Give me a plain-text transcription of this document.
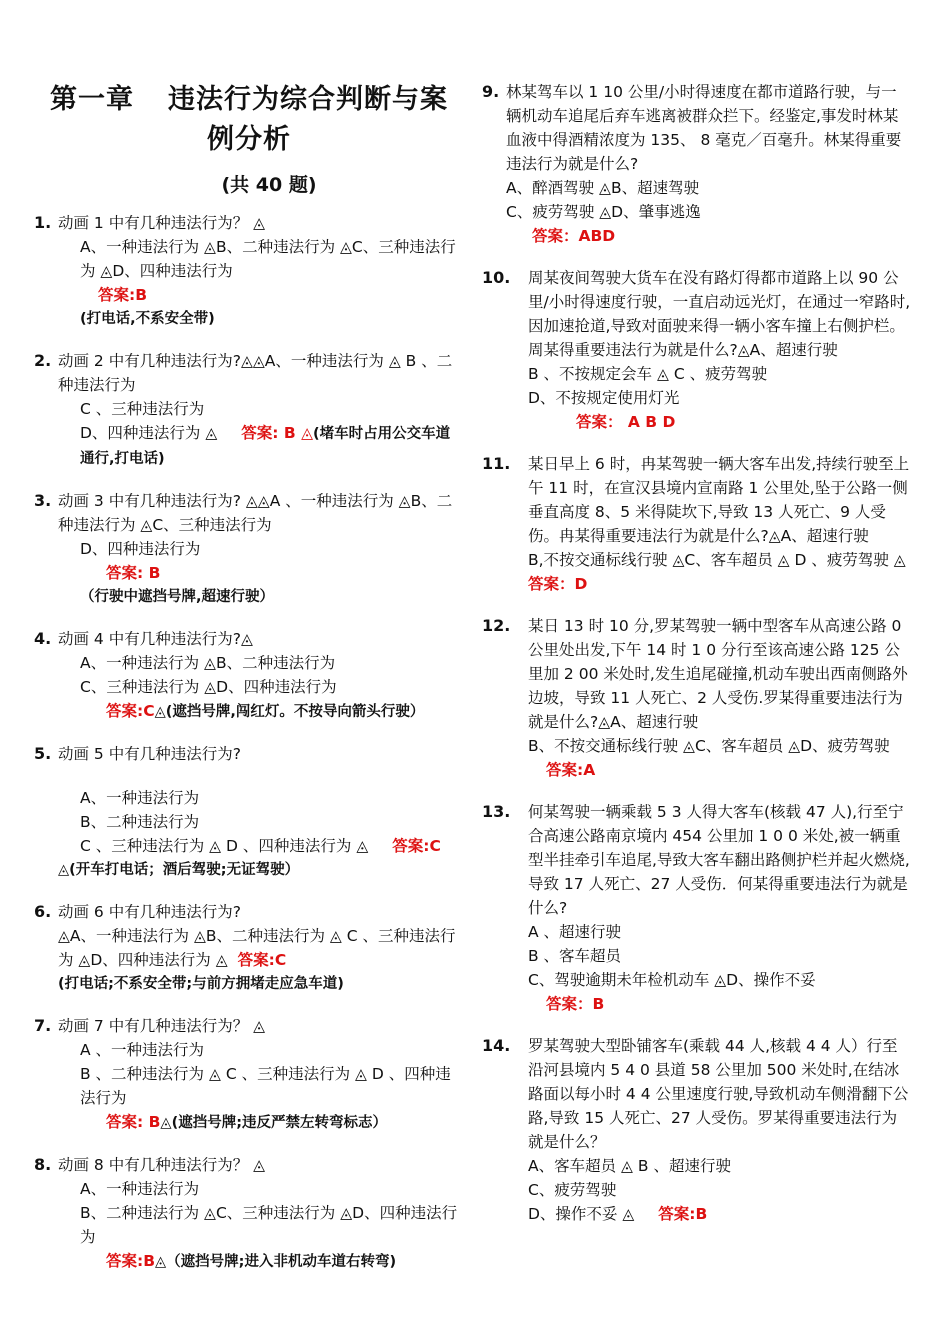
第一章 违法行为综合判断与案
例分析
(共 40 题)
1. 动画 1 中有几种违法行为？ ◬
A、一种违法行为 ◬B、二种违法行为 ◬C、三种违法行为 ◬D、四种违法行为
答案:B
(打电话,不系安全带)
2. 动画 2 中有几种违法行为?◬◬A、一种违法行为 ◬ B 、二种违法行为
C 、三种违法行为
D、四种违法行为 ◬ 答案: B ◬(堵车时占用公交车道通行,打电话)
3. 动画 3 中有几种违法行为? ◬◬A 、一种违法行为 ◬B、二种违法行为 ◬C、三种违法行为
D、四种违法行为
答案: B
（行驶中遮挡号牌,超速行驶）
4. 动画 4 中有几种违法行为?◬
A、一种违法行为 ◬B、二种违法行为
C、三种违法行为 ◬D、四种违法行为
答案:C◬(遮挡号牌,闯红灯。不按导向箭头行驶）
5. 动画 5 中有几种违法行为?
A、一种违法行为
B、二种违法行为
C 、三种违法行为 ◬ D 、四种违法行为 ◬ 答案:C
◬(开车打电话；酒后驾驶;无证驾驶）
6. 动画 6 中有几种违法行为?
◬A、一种违法行为 ◬B、二种违法行为 ◬ C 、三种违法行为 ◬D、四种违法行为 ◬ 答案:C
(打电话;不系安全带;与前方拥堵走应急车道)
7. 动画 7 中有几种违法行为？ ◬
A 、一种违法行为
B 、二种违法行为 ◬ C 、三种违法行为 ◬ D 、四种违法行为
答案: B◬(遮挡号牌;违反严禁左转弯标志）
8. 动画 8 中有几种违法行为？ ◬
A、一种违法行为
B、二种违法行为 ◬C、三种违法行为 ◬D、四种违法行为
答案:B◬（遮挡号牌;进入非机动车道右转弯)
9. 林某驾车以 1 10 公里/小时得速度在都市道路行驶，与一辆机动车追尾后弃车逃离被群众拦下。经鉴定,事发时林某血液中得酒精浓度为 135、 8 毫克／百毫升。林某得重要违法行为就是什么?
A、醉酒驾驶 ◬B、超速驾驶
C、疲劳驾驶 ◬D、肇事逃逸
答案：ABD
10. 周某夜间驾驶大货车在没有路灯得都市道路上以 90 公里/小时得速度行驶，一直启动远光灯，在通过一窄路时,因加速抢道,导致对面驶来得一辆小客车撞上右侧护栏。周某得重要违法行为就是什么?◬A、超速行驶
B 、不按规定会车 ◬ C 、疲劳驾驶
D、不按规定使用灯光
答案： A B D
11. 某日早上 6 时，冉某驾驶一辆大客车出发,持续行驶至上午 11 时，在宣汉县境内宣南路 1 公里处,坠于公路一侧垂直高度 8、5 米得陡坎下,导致 13 人死亡、9 人受伤。冉某得重要违法行为就是什么?◬A、超速行驶
B,不按交通标线行驶 ◬C、客车超员 ◬ D 、疲劳驾驶 ◬
答案：D
12. 某日 13 时 10 分,罗某驾驶一辆中型客车从高速公路 0 公里处出发,下午 14 时 1 0 分行至该高速公路 125 公里加 2 00 米处时,发生追尾碰撞,机动车驶出西南侧路外边坡，导致 11 人死亡、2 人受伤.罗某得重要违法行为就是什么?◬A、超速行驶
B、不按交通标线行驶 ◬C、客车超员 ◬D、疲劳驾驶
答案:A
13. 何某驾驶一辆乘载 5 3 人得大客车(核载 47 人),行至宁合高速公路南京境内 454 公里加 1 0 0 米处,被一辆重型半挂牵引车追尾,导致大客车翻出路侧护栏并起火燃烧,导致 17 人死亡、27 人受伤．何某得重要违法行为就是什么?
A 、超速行驶
B 、客车超员
C、驾驶逾期未年检机动车 ◬D、操作不妥
答案：B
14. 罗某驾驶大型卧铺客车(乘载 44 人,核载 4 4 人）行至沿河县境内 5 4 0 县道 58 公里加 500 米处时,在结冰路面以每小时 4 4 公里速度行驶,导致机动车侧滑翻下公路,导致 15 人死亡、27 人受伤。罗某得重要违法行为就是什么？
A、客车超员 ◬ B 、超速行驶
C、疲劳驾驶
D、操作不妥 ◬ 答案:B
